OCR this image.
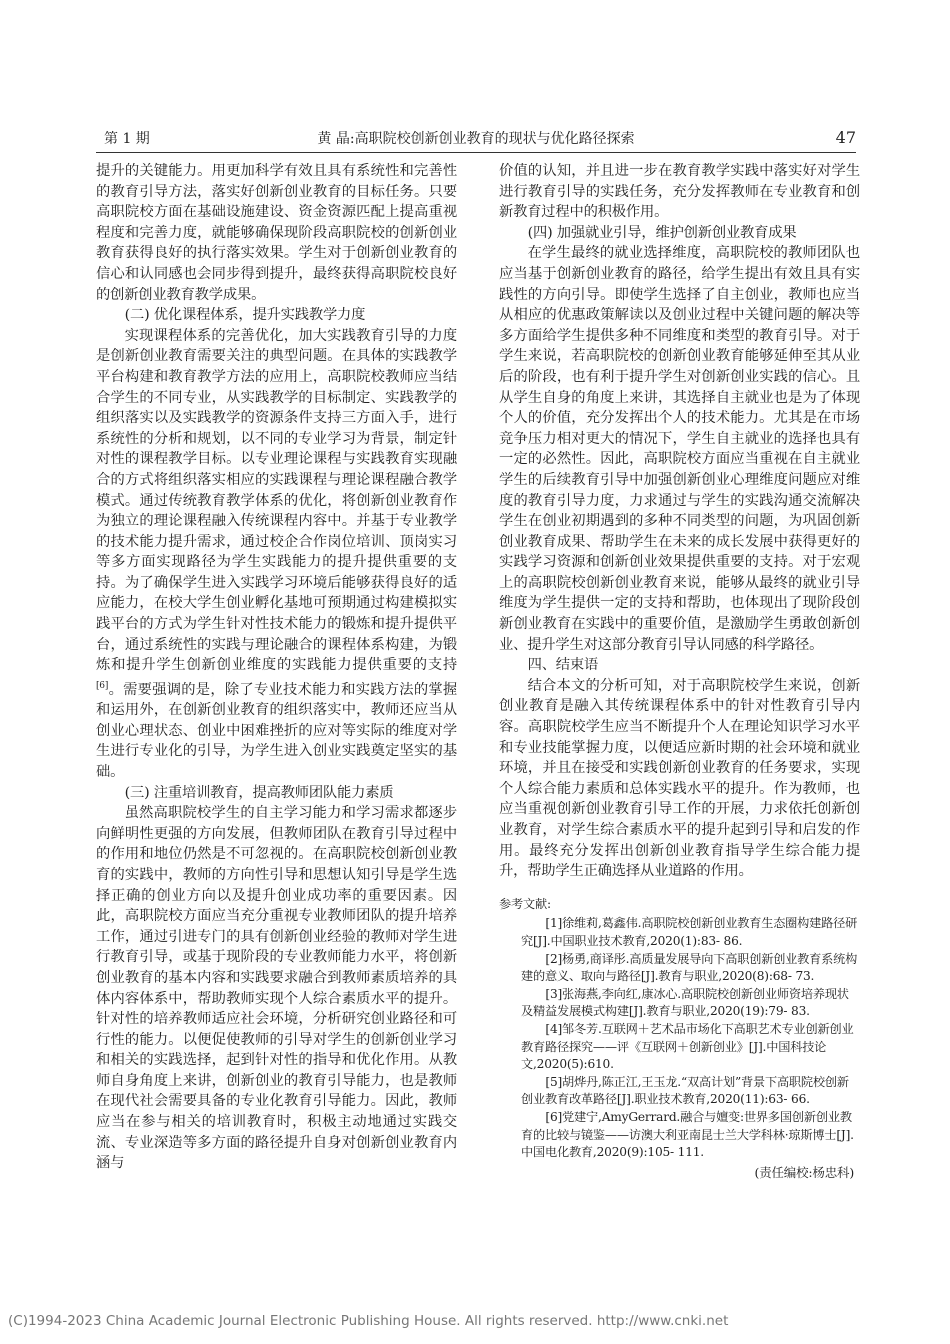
第 1 期	黄 晶:高职院校创新创业教育的现状与优化路径探索	47

提升的关键能力。用更加科学有效且具有系统性和完善性的教育引导方法，落实好创新创业教育的目标任务。只要高职院校方面在基础设施建设、资金资源匹配上提高重视程度和完善力度，就能够确保现阶段高职院校的创新创业教育获得良好的执行落实效果。学生对于创新创业教育的信心和认同感也会同步得到提升，最终获得高职院校良好的创新创业教育教学成果。

(二) 优化课程体系，提升实践教学力度

实现课程体系的完善优化，加大实践教育引导的力度是创新创业教育需要关注的典型问题。在具体的实践教学平台构建和教育教学方法的应用上，高职院校教师应当结合学生的不同专业，从实践教学的目标制定、实践教学的组织落实以及实践教学的资源条件支持三方面入手，进行系统性的分析和规划，以不同的专业学习为背景，制定针对性的课程教学目标。以专业理论课程与实践教育实现融合的方式将组织落实相应的实践课程与理论课程融合教学模式。通过传统教育教学体系的优化，将创新创业教育作为独立的理论课程融入传统课程内容中。并基于专业教学的技术能力提升需求，通过校企合作岗位培训、顶岗实习等多方面实现路径为学生实践能力的提升提供重要的支持。为了确保学生进入实践学习环境后能够获得良好的适应能力，在校大学生创业孵化基地可预期通过构建模拟实践平台的方式为学生针对性技术能力的锻炼和提升提供平台，通过系统性的实践与理论融合的课程体系构建，为锻炼和提升学生创新创业维度的实践能力提供重要的支持[6]。需要强调的是，除了专业技术能力和实践方法的掌握和运用外，在创新创业教育的组织落实中，教师还应当从创业心理状态、创业中困难挫折的应对等实际的维度对学生进行专业化的引导，为学生进入创业实践奠定坚实的基础。

(三) 注重培训教育，提高教师团队能力素质

虽然高职院校学生的自主学习能力和学习需求都逐步向鲜明性更强的方向发展，但教师团队在教育引导过程中的作用和地位仍然是不可忽视的。在高职院校创新创业教育的实践中，教师的方向性引导和思想认知引导是学生选择正确的创业方向以及提升创业成功率的重要因素。因此，高职院校方面应当充分重视专业教师团队的提升培养工作，通过引进专门的具有创新创业经验的教师对学生进行教育引导，或基于现阶段的专业教师能力水平，将创新创业教育的基本内容和实践要求融合到教师素质培养的具体内容体系中，帮助教师实现个人综合素质水平的提升。针对性的培养教师适应社会环境，分析研究创业路径和可行性的能力。以便促使教师的引导对学生的创新创业学习和相关的实践选择，起到针对性的指导和优化作用。从教师自身角度上来讲，创新创业的教育引导能力，也是教师在现代社会需要具备的专业化教育引导能力。因此，教师应当在参与相关的培训教育时，积极主动地通过实践交流、专业深造等多方面的路径提升自身对创新创业教育内涵与

价值的认知，并且进一步在教育教学实践中落实好对学生进行教育引导的实践任务，充分发挥教师在专业教育和创新教育过程中的积极作用。

(四) 加强就业引导，维护创新创业教育成果

在学生最终的就业选择维度，高职院校的教师团队也应当基于创新创业教育的路径，给学生提出有效且具有实践性的方向引导。即使学生选择了自主创业，教师也应当从相应的优惠政策解读以及创业过程中关键问题的解决等多方面给学生提供多种不同维度和类型的教育引导。对于学生来说，若高职院校的创新创业教育能够延伸至其从业后的阶段，也有利于提升学生对创新创业实践的信心。且从学生自身的角度上来讲，其选择自主就业也是为了体现个人的价值，充分发挥出个人的技术能力。尤其是在市场竞争压力相对更大的情况下，学生自主就业的选择也具有一定的必然性。因此，高职院校方面应当重视在自主就业学生的后续教育引导中加强创新创业心理维度问题应对维度的教育引导力度，力求通过与学生的实践沟通交流解决学生在创业初期遇到的多种不同类型的问题，为巩固创新创业教育成果、帮助学生在未来的成长发展中获得更好的实践学习资源和创新创业效果提供重要的支持。对于宏观上的高职院校创新创业教育来说，能够从最终的就业引导维度为学生提供一定的支持和帮助，也体现出了现阶段创新创业教育在实践中的重要价值，是激励学生勇敢创新创业、提升学生对这部分教育引导认同感的科学路径。

四、结束语

结合本文的分析可知，对于高职院校学生来说，创新创业教育是融入其传统课程体系中的针对性教育引导内容。高职院校学生应当不断提升个人在理论知识学习水平和专业技能掌握力度，以便适应新时期的社会环境和就业环境，并且在接受和实践创新创业教育的任务要求，实现个人综合能力素质和总体实践水平的提升。作为教师，也应当重视创新创业教育引导工作的开展，力求依托创新创业教育，对学生综合素质水平的提升起到引导和启发的作用。最终充分发挥出创新创业教育指导学生综合能力提升，帮助学生正确选择从业道路的作用。

参考文献:

[1]徐维莉,葛鑫伟.高职院校创新创业教育生态圈构建路径研究[J].中国职业技术教育,2020(1):83- 86.

[2]杨勇,商译彤.高质量发展导向下高职创新创业教育系统构建的意义、取向与路径[J].教育与职业,2020(8):68- 73.

[3]张海燕,李向红,康冰心.高职院校创新创业师资培养现状及精益发展模式构建[J].教育与职业,2020(19):79- 83.

[4]邹冬芳.互联网＋艺术品市场化下高职艺术专业创新创业教育路径探究——评《互联网＋创新创业》[J].中国科技论文,2020(5):610.

[5]胡烨丹,陈正江,王玉龙.“双高计划”背景下高职院校创新创业教育改革路径[J].职业技术教育,2020(11):63- 66.

[6]党建宁,AmyGerrard.融合与嬗变:世界多国创新创业教育的比较与镜鉴——访澳大利亚南昆士兰大学科林·琼斯博士[J].中国电化教育,2020(9):105- 111.

(责任编校:杨忠科)
(C)1994-2023 China Academic Journal Electronic Publishing House. All rights reserved. http://www.cnki.net
